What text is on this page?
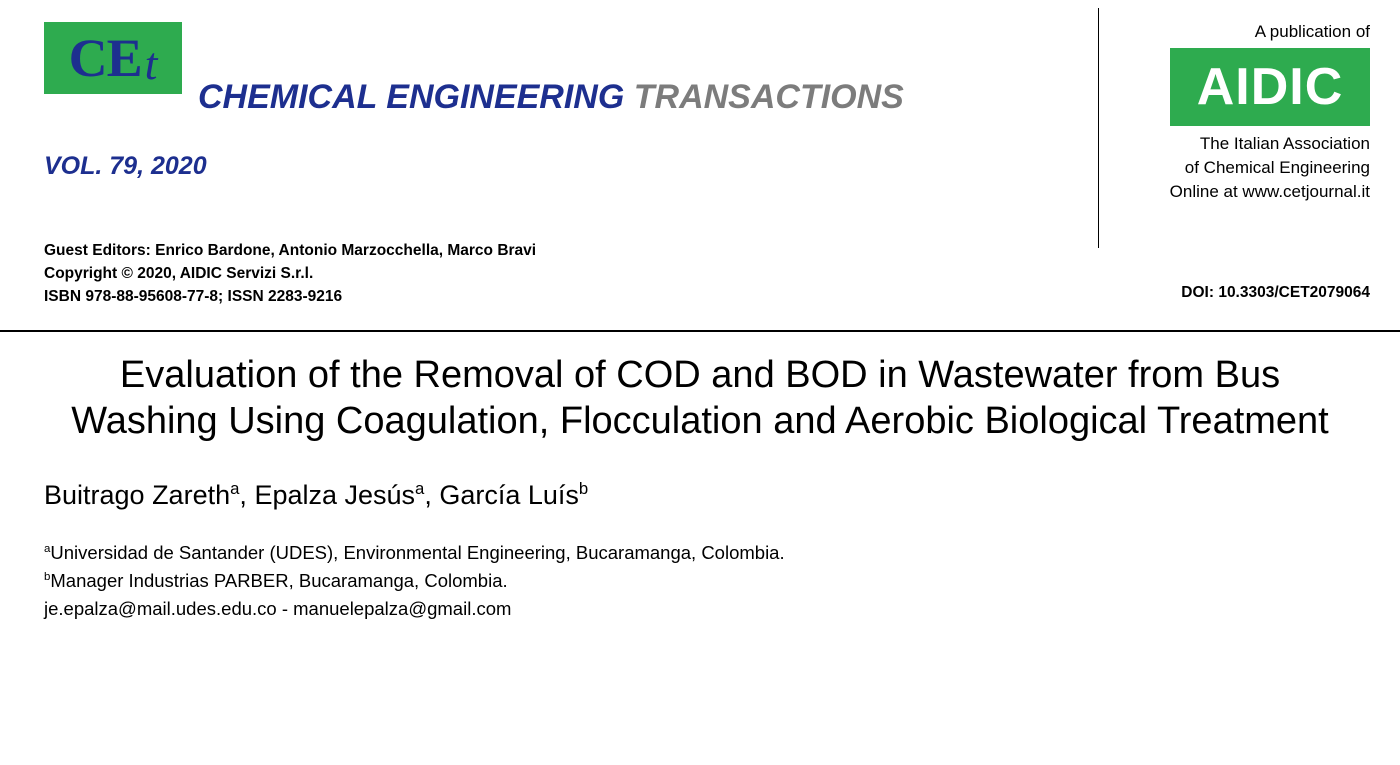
CE t
CHEMICAL ENGINEERING TRANSACTIONS
VOL. 79, 2020
Guest Editors: Enrico Bardone, Antonio Marzocchella, Marco Bravi
Copyright © 2020, AIDIC Servizi S.r.l.
ISBN 978-88-95608-77-8; ISSN 2283-9216
A publication of
AIDIC
The Italian Association
of Chemical Engineering
Online at www.cetjournal.it
DOI: 10.3303/CET2079064
Evaluation of the Removal of COD and BOD in Wastewater from Bus Washing Using Coagulation, Flocculation and Aerobic Biological Treatment
Buitrago Zareth$^a$, Epalza Jesús$^a$, García Luís$^b$
$^a$Universidad de Santander (UDES), Environmental Engineering, Bucaramanga, Colombia.
$^b$Manager Industrias PARBER, Bucaramanga, Colombia.
je.epalza@mail.udes.edu.co - manuelepalza@gmail.com
